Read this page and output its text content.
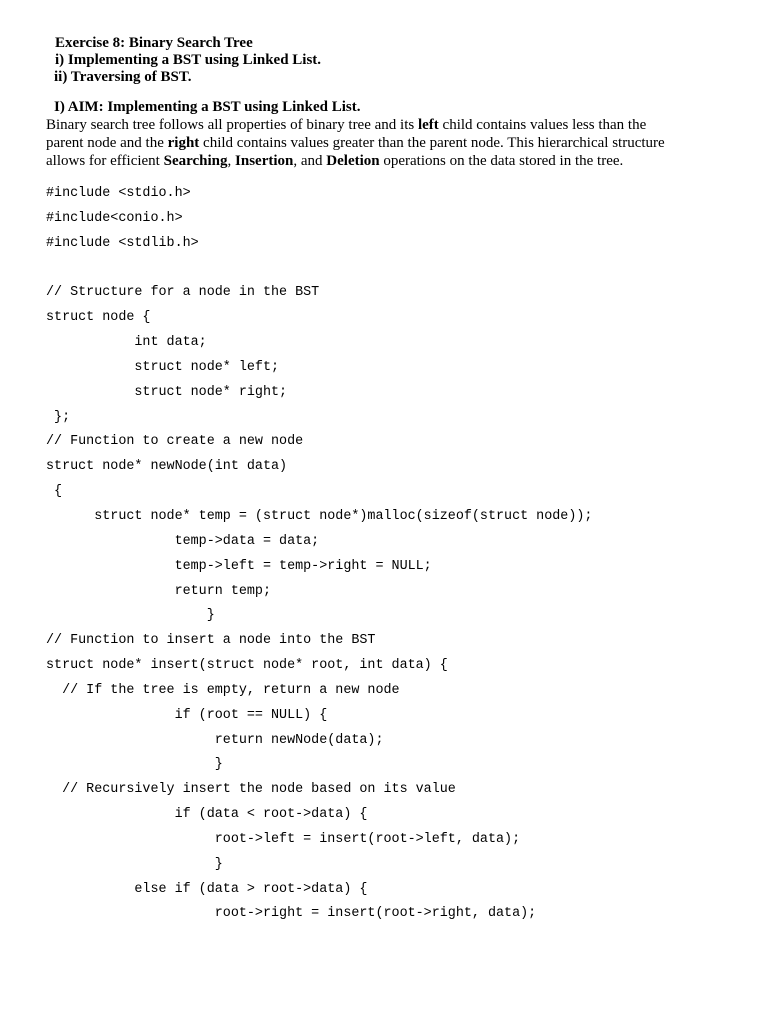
Exercise 8: Binary Search Tree
i) Implementing a BST using Linked List.
ii) Traversing of BST.
I) AIM: Implementing a BST using Linked List.
Binary search tree follows all properties of binary tree and its left child contains values less than the
parent node and the right child contains values greater than the parent node. This hierarchical structure
allows for efficient Searching, Insertion, and Deletion operations on the data stored in the tree.
#include <stdio.h>
#include<conio.h>
#include <stdlib.h>
// Structure for a node in the BST
struct node {
int data;
struct node* left;
struct node* right;
};
// Function to create a new node
struct node* newNode(int data)
{
struct node* temp = (struct node*)malloc(sizeof(struct node));
temp->data = data;
temp->left = temp->right = NULL;
return temp;
}
// Function to insert a node into the BST
struct node* insert(struct node* root, int data) {
// If the tree is empty, return a new node
if (root == NULL) {
return newNode(data);
}
// Recursively insert the node based on its value
if (data < root->data) {
root->left = insert(root->left, data);
}
else if (data > root->data) {
root->right = insert(root->right, data);
